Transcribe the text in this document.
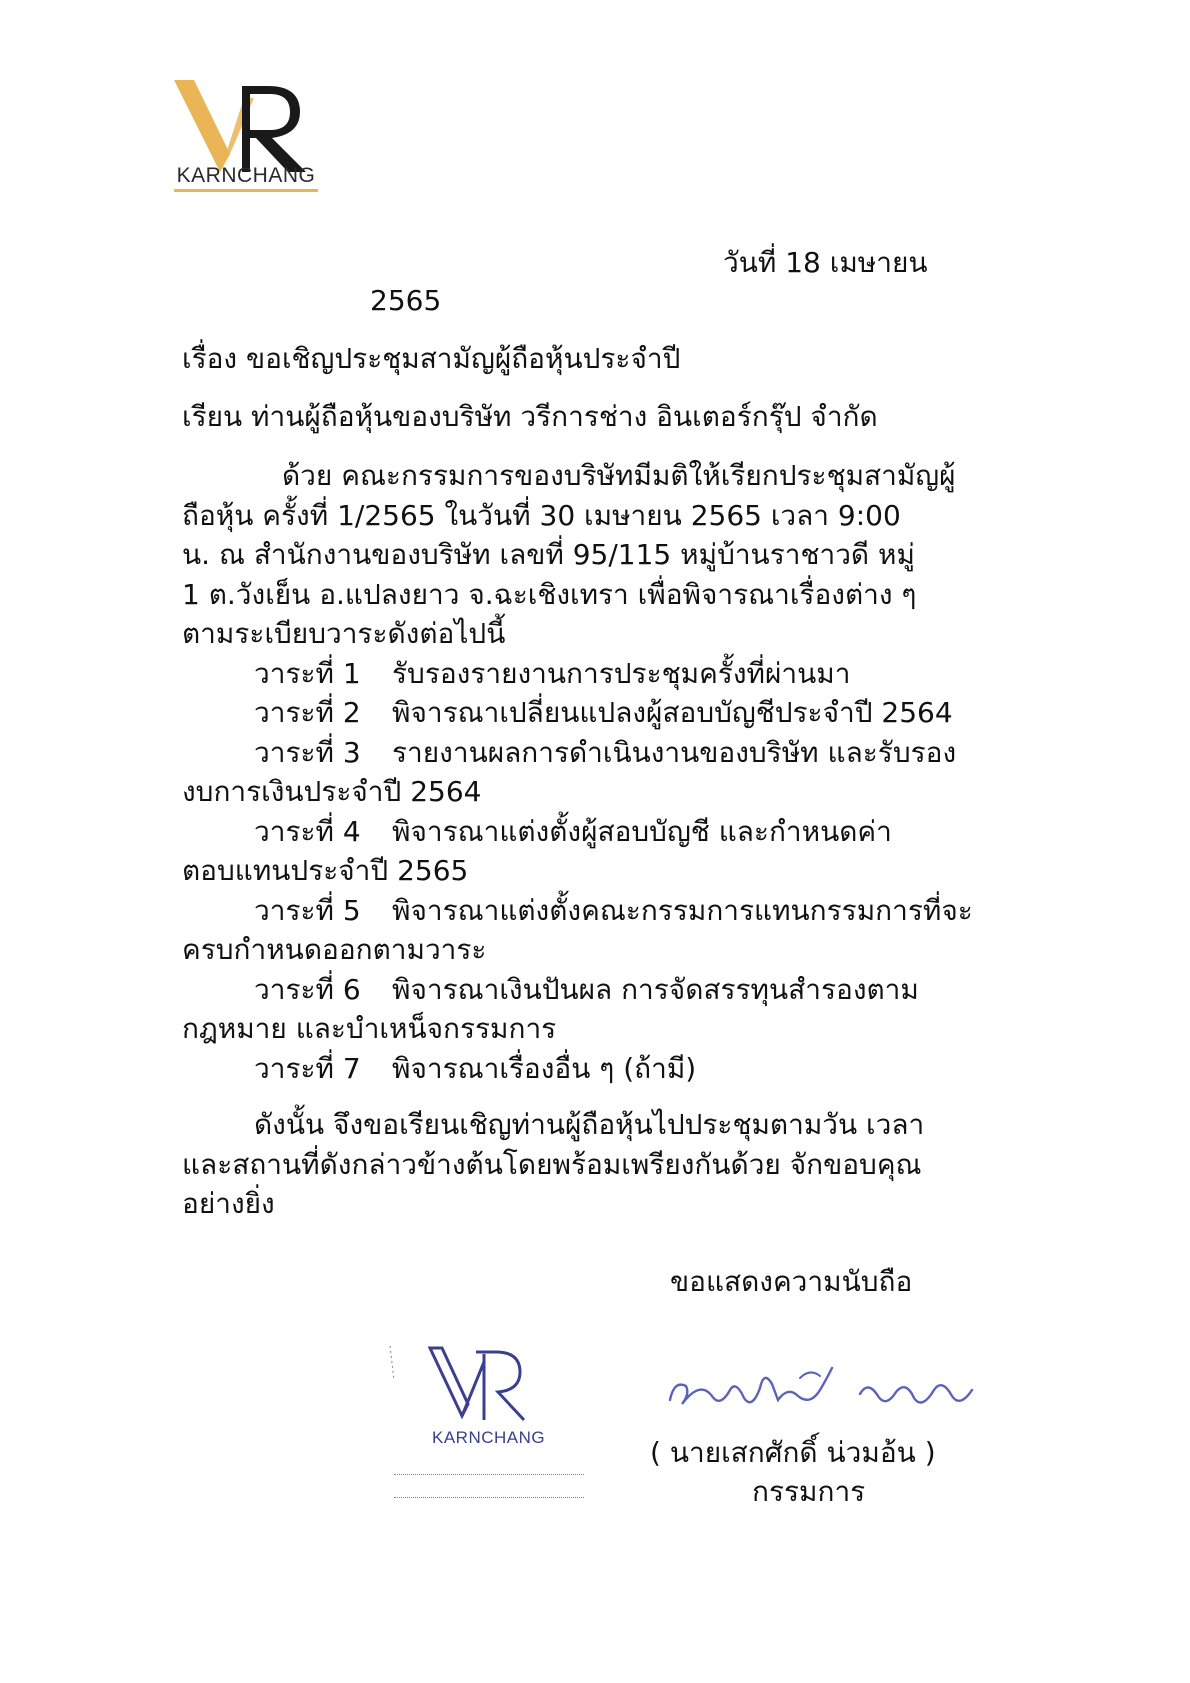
KARNCHANG
วันที่ 18 เมษายน
2565
เรื่อง ขอเชิญประชุมสามัญผู้ถือหุ้นประจำปี
เรียน ท่านผู้ถือหุ้นของบริษัท วรีการช่าง อินเตอร์กรุ๊ป จำกัด
ด้วย คณะกรรมการของบริษัทมีมติให้เรียกประชุมสามัญผู้
ถือหุ้น ครั้งที่ 1/2565 ในวันที่ 30 เมษายน 2565 เวลา 9:00
น. ณ สำนักงานของบริษัท เลขที่ 95/115 หมู่บ้านราชาวดี หมู่
1 ต.วังเย็น อ.แปลงยาว จ.ฉะเชิงเทรา เพื่อพิจารณาเรื่องต่าง ๆ
ตามระเบียบวาระดังต่อไปนี้
วาระที่ 1 รับรองรายงานการประชุมครั้งที่ผ่านมา
วาระที่ 2 พิจารณาเปลี่ยนแปลงผู้สอบบัญชีประจำปี 2564
วาระที่ 3 รายงานผลการดำเนินงานของบริษัท และรับรอง
งบการเงินประจำปี 2564
วาระที่ 4 พิจารณาแต่งตั้งผู้สอบบัญชี และกำหนดค่า
ตอบแทนประจำปี 2565
วาระที่ 5 พิจารณาแต่งตั้งคณะกรรมการแทนกรรมการที่จะ
ครบกำหนดออกตามวาระ
วาระที่ 6 พิจารณาเงินปันผล การจัดสรรทุนสำรองตาม
กฎหมาย และบำเหน็จกรรมการ
วาระที่ 7 พิจารณาเรื่องอื่น ๆ (ถ้ามี)
ดังนั้น จึงขอเรียนเชิญท่านผู้ถือหุ้นไปประชุมตามวัน เวลา
และสถานที่ดังกล่าวข้างต้นโดยพร้อมเพรียงกันด้วย จักขอบคุณ
อย่างยิ่ง
ขอแสดงความนับถือ
KARNCHANG	( นายเสกศักดิ์ น่วมอ้น )
กรรมการ
